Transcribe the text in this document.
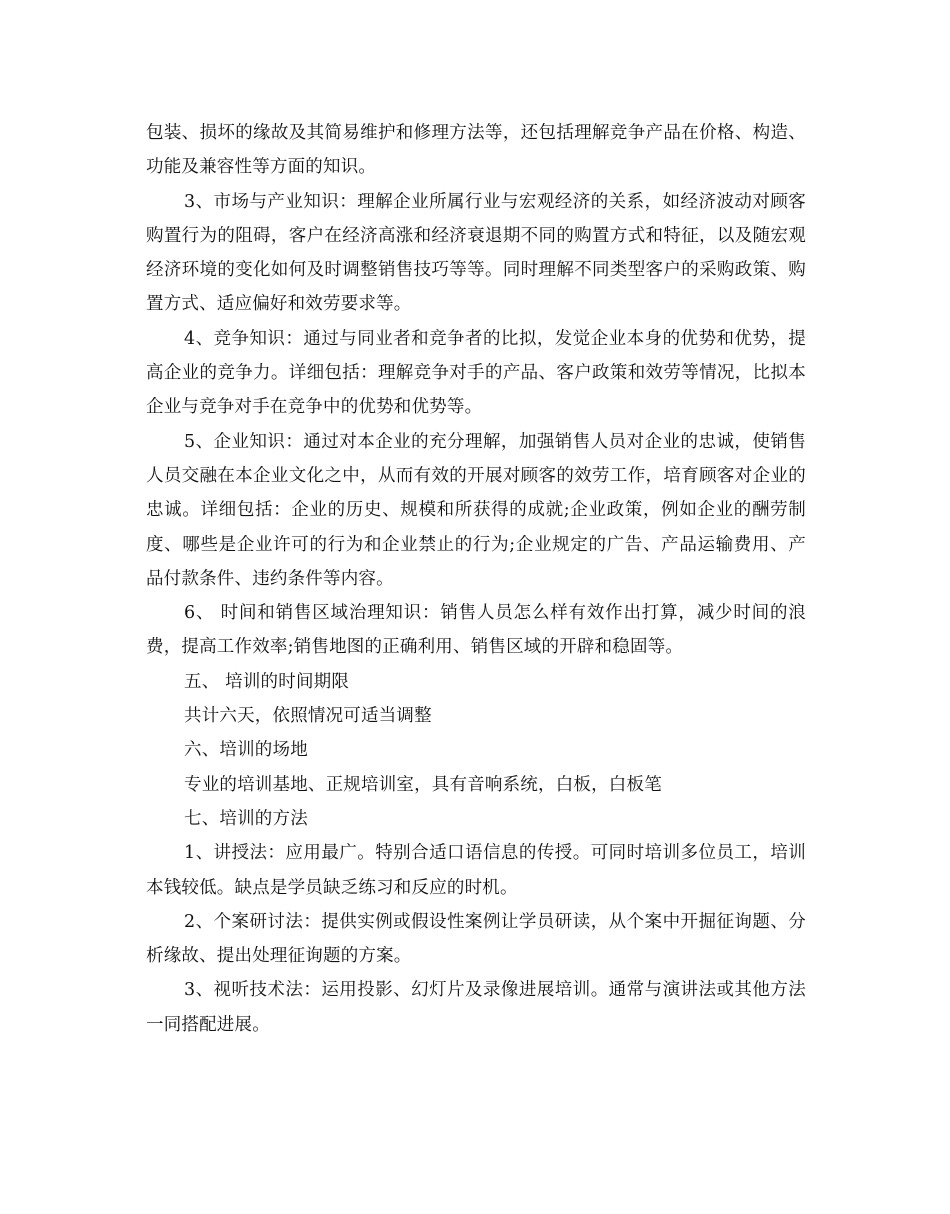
包装、损坏的缘故及其简易维护和修理方法等，还包括理解竞争产品在价格、构造、功能及兼容性等方面的知识。

3、市场与产业知识：理解企业所属行业与宏观经济的关系，如经济波动对顾客购置行为的阻碍，客户在经济高涨和经济衰退期不同的购置方式和特征，以及随宏观经济环境的变化如何及时调整销售技巧等等。同时理解不同类型客户的采购政策、购置方式、适应偏好和效劳要求等。

4、竞争知识：通过与同业者和竞争者的比拟，发觉企业本身的优势和优势，提高企业的竞争力。详细包括：理解竞争对手的产品、客户政策和效劳等情况，比拟本企业与竞争对手在竞争中的优势和优势等。

5、企业知识：通过对本企业的充分理解，加强销售人员对企业的忠诚，使销售人员交融在本企业文化之中，从而有效的开展对顾客的效劳工作，培育顾客对企业的忠诚。详细包括：企业的历史、规模和所获得的成就;企业政策，例如企业的酬劳制度、哪些是企业许可的行为和企业禁止的行为;企业规定的广告、产品运输费用、产品付款条件、违约条件等内容。

6、 时间和销售区域治理知识：销售人员怎么样有效作出打算，减少时间的浪费，提高工作效率;销售地图的正确利用、销售区域的开辟和稳固等。

五、 培训的时间期限

共计六天，依照情况可适当调整

六、培训的场地

专业的培训基地、正规培训室，具有音响系统，白板，白板笔

七、培训的方法

1、讲授法：应用最广。特别合适口语信息的传授。可同时培训多位员工，培训本钱较低。缺点是学员缺乏练习和反应的时机。

2、个案研讨法：提供实例或假设性案例让学员研读，从个案中开掘征询题、分析缘故、提出处理征询题的方案。

3、视听技术法：运用投影、幻灯片及录像进展培训。通常与演讲法或其他方法一同搭配进展。
